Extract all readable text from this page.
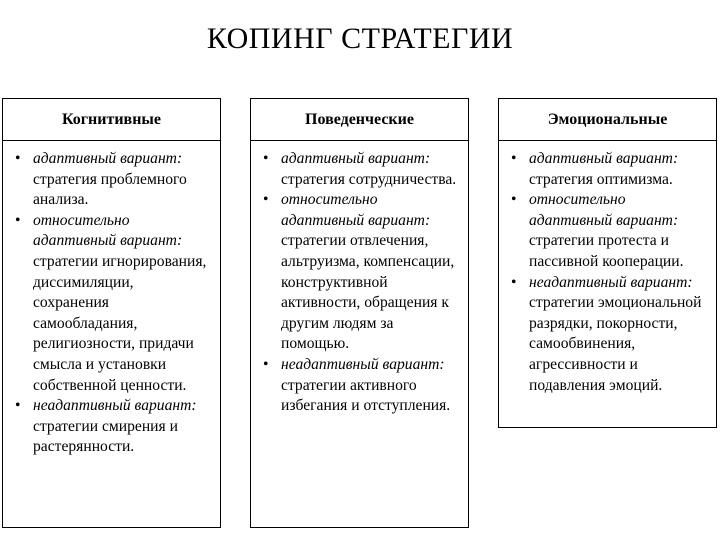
КОПИНГ СТРАТЕГИИ
Когнитивные
• адаптивный вариант: стратегия проблемного анализа.
• относительно адаптивный вариант: стратегии игнорирования, диссимиляции, сохранения самообладания, религиозности, придачи смысла и установки собственной ценности.
• неадаптивный вариант: стратегии смирения и растерянности.
Поведенческие
• адаптивный вариант: стратегия сотрудничества.
• относительно адаптивный вариант: стратегии отвлечения, альтруизма, компенсации, конструктивной активности, обращения к другим людям за помощью.
• неадаптивный вариант: стратегии активного избегания и отступления.
Эмоциональные
• адаптивный вариант: стратегия оптимизма.
• относительно адаптивный вариант: стратегии протеста и пассивной кооперации.
• неадаптивный вариант: стратегии эмоциональной разрядки, покорности, самообвинения, агрессивности и подавления эмоций.
